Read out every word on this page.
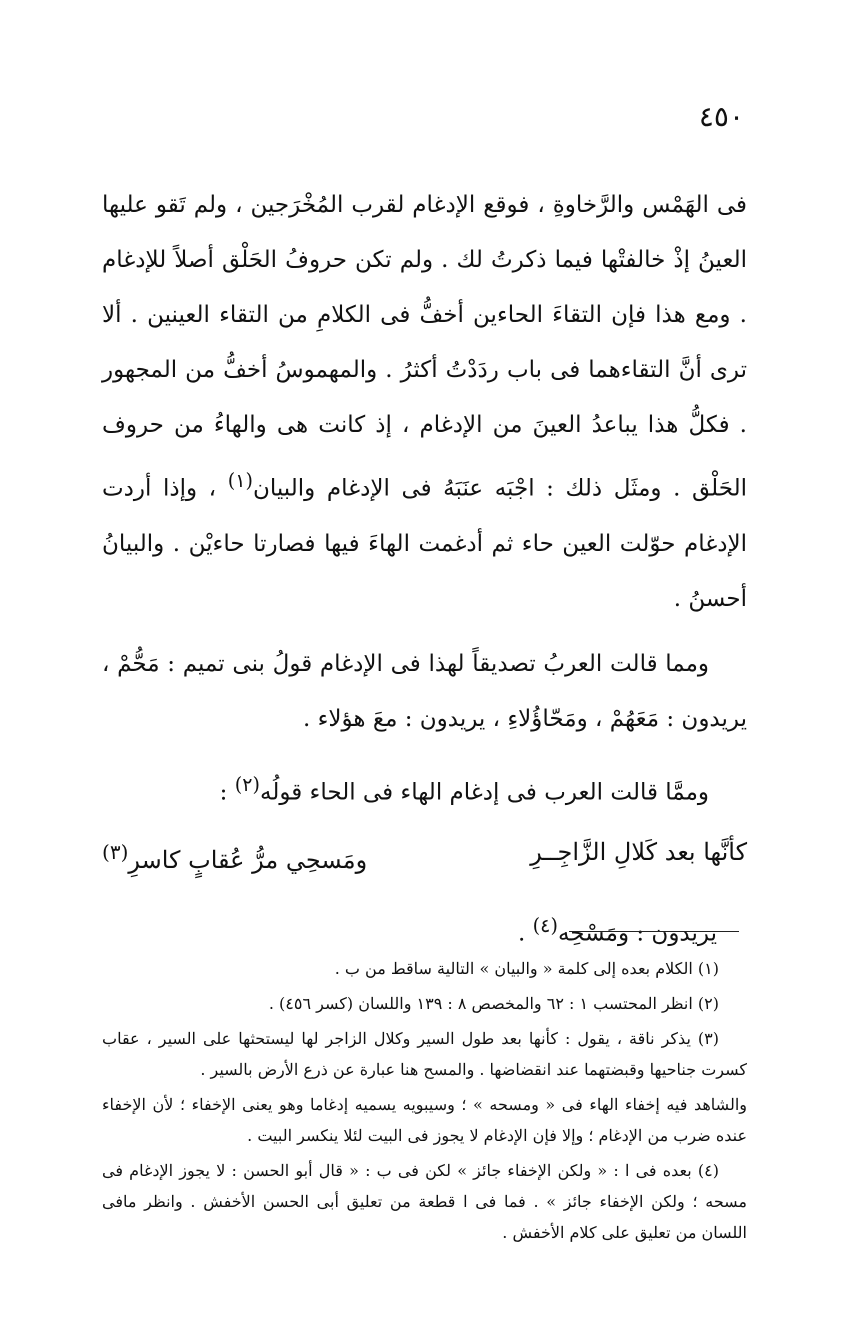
٤٥٠

فى الهَمْس والرَّخاوةِ ، فوقع الإدغام لقرب المُخْرَجين ، ولم تَقو عليها العينُ إذْ خالفتْها فيما ذكرتُ لك . ولم تكن حروفُ الحَلْق أصلاً للإدغام . ومع هذا فإن التقاءَ الحاءين أخفُّ فى الكلامِ من التقاء العينين . ألا ترى أنَّ التقاءهما فى باب ردَدْتُ أكثرُ . والمهموسُ أخفُّ من المجهور . فكلُّ هذا يباعدُ العينَ من الإدغام ، إذ كانت هى والهاءُ من حروف الحَلْق . ومثَل ذلك : اجْبَه عنَبَهُ فى الإدغام والبيان$^{(١)}$ ، وإذا أردت الإدغام حوّلت العين حاء ثم أدغمت الهاءَ فيها فصارتا حاءيْن . والبيانُ أحسنُ .

ومما قالت العربُ تصديقاً لهذا فى الإدغام قولُ بنى تميم : مَحُّمْ ، يريدون : مَعَهُمْ ، ومَحّاؤُلاءِ ، يريدون : معَ هؤلاء .

وممَّا قالت العرب فى إدغام الهاء فى الحاء قولُه$^{(٢)}$ :

كأنَّها بعد كَلالِ الزَّاجِــرِ
ومَسحِي مرُّ عُقابٍ كاسرِ$^{(٣)}$

يريدون : ومَسْحِه$^{(٤)}$ .

(١) الكلام بعده إلى كلمة « والبيان » التالية ساقط من ب .

(٢) انظر المحتسب ١ : ٦٢ والمخصص ٨ : ١٣٩ واللسان (كسر ٤٥٦) .

(٣) يذكر ناقة ، يقول : كأنها بعد طول السير وكلال الزاجر لها ليستحثها على السير ، عقاب كسرت جناحيها وقبضتهما عند انقضاضها . والمسح هنا عبارة عن ذرع الأرض بالسير .

والشاهد فيه إخفاء الهاء فى « ومسحه » ؛ وسيبويه يسميه إدغاما وهو يعنى الإخفاء ؛ لأن الإخفاء عنده ضرب من الإدغام ؛ وإلا فإن الإدغام لا يجوز فى البيت لئلا ينكسر البيت .

(٤) بعده فى ا : « ولكن الإخفاء جائز » لكن فى ب : « قال أبو الحسن : لا يجوز الإدغام فى مسحه ؛ ولكن الإخفاء جائز » . فما فى ا قطعة من تعليق أبى الحسن الأخفش . وانظر مافى اللسان من تعليق على كلام الأخفش .
